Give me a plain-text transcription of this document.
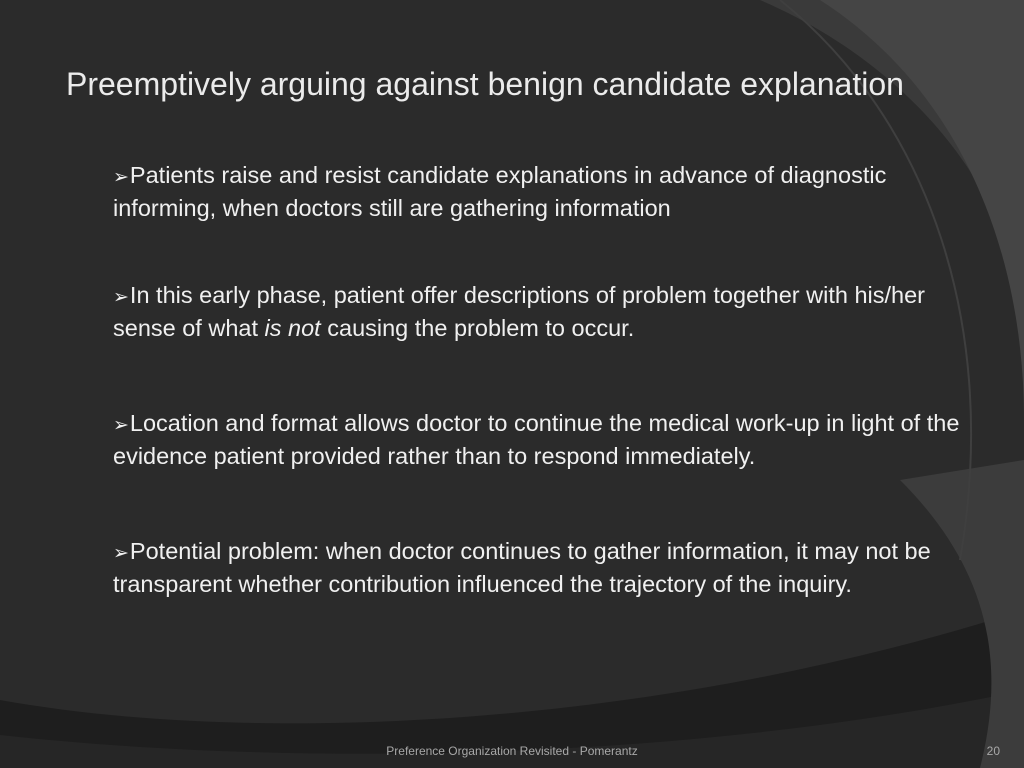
Preemptively arguing against benign candidate explanation

➢Patients raise and resist candidate explanations in advance of diagnostic informing, when doctors still are gathering information

➢In this early phase, patient offer descriptions of problem together with his/her sense of what is not causing the problem to occur.

➢Location and format allows doctor to continue the medical work-up in light of the evidence patient provided rather than to respond immediately.

➢Potential problem: when doctor continues to gather information, it may not be transparent whether contribution influenced the trajectory of the inquiry.

Preference Organization Revisited - Pomerantz	20
